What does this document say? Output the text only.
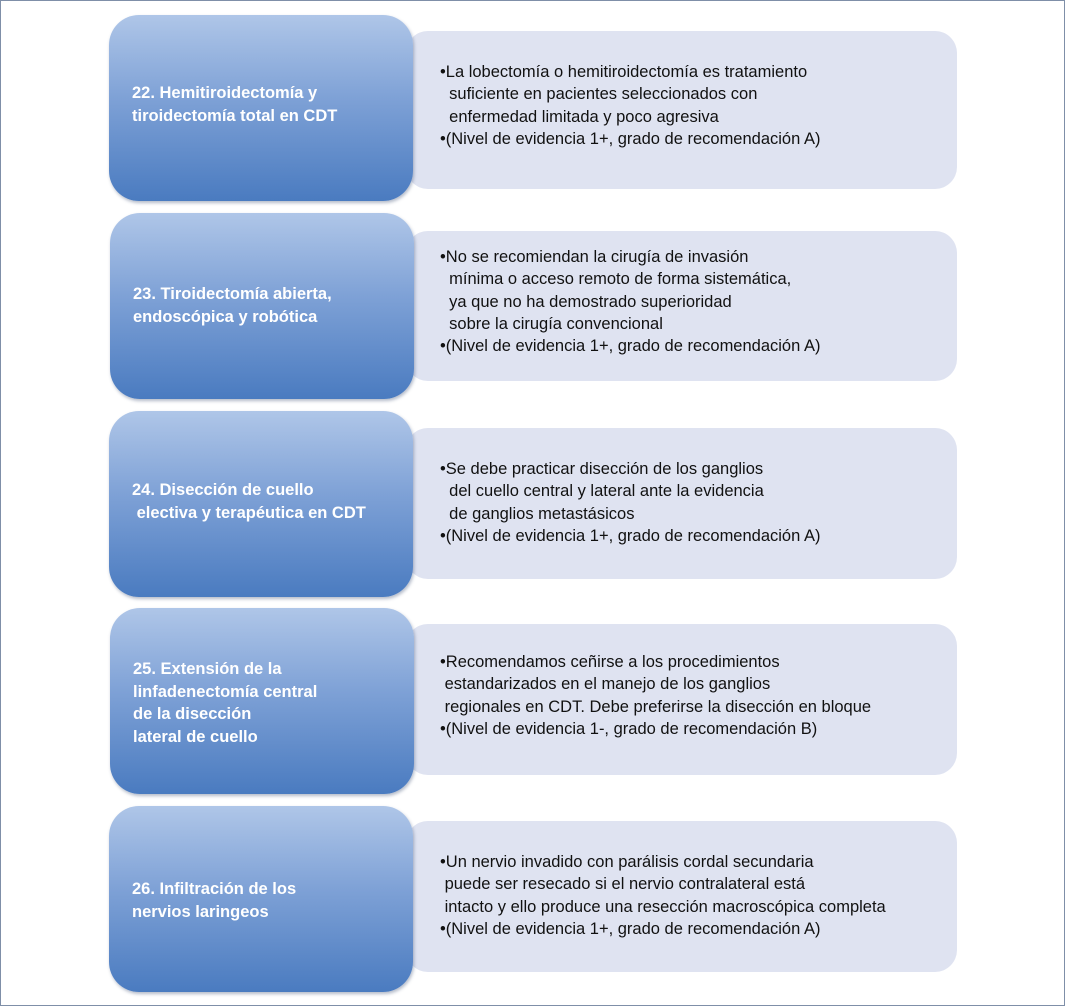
•La lobectomía o hemitiroidectomía es tratamiento
suficiente en pacientes seleccionados con
enfermedad limitada y poco agresiva
•(Nivel de evidencia 1+, grado de recomendación A)
22. Hemitiroidectomía y
tiroidectomía total en CDT
•No se recomiendan la cirugía de invasión
mínima o acceso remoto de forma sistemática,
ya que no ha demostrado superioridad
sobre la cirugía convencional
•(Nivel de evidencia 1+, grado de recomendación A)
23. Tiroidectomía abierta,
endoscópica y robótica
•Se debe practicar disección de los ganglios
del cuello central y lateral ante la evidencia
de ganglios metastásicos
•(Nivel de evidencia 1+, grado de recomendación A)
24. Disección de cuello
electiva y terapéutica en CDT
•Recomendamos ceñirse a los procedimientos
estandarizados en el manejo de los ganglios
regionales en CDT. Debe preferirse la disección en bloque
•(Nivel de evidencia 1-, grado de recomendación B)
25. Extensión de la
linfadenectomía central
de la disección
lateral de cuello
•Un nervio invadido con parálisis cordal secundaria
puede ser resecado si el nervio contralateral está
intacto y ello produce una resección macroscópica completa
•(Nivel de evidencia 1+, grado de recomendación A)
26. Infiltración de los
nervios laringeos
